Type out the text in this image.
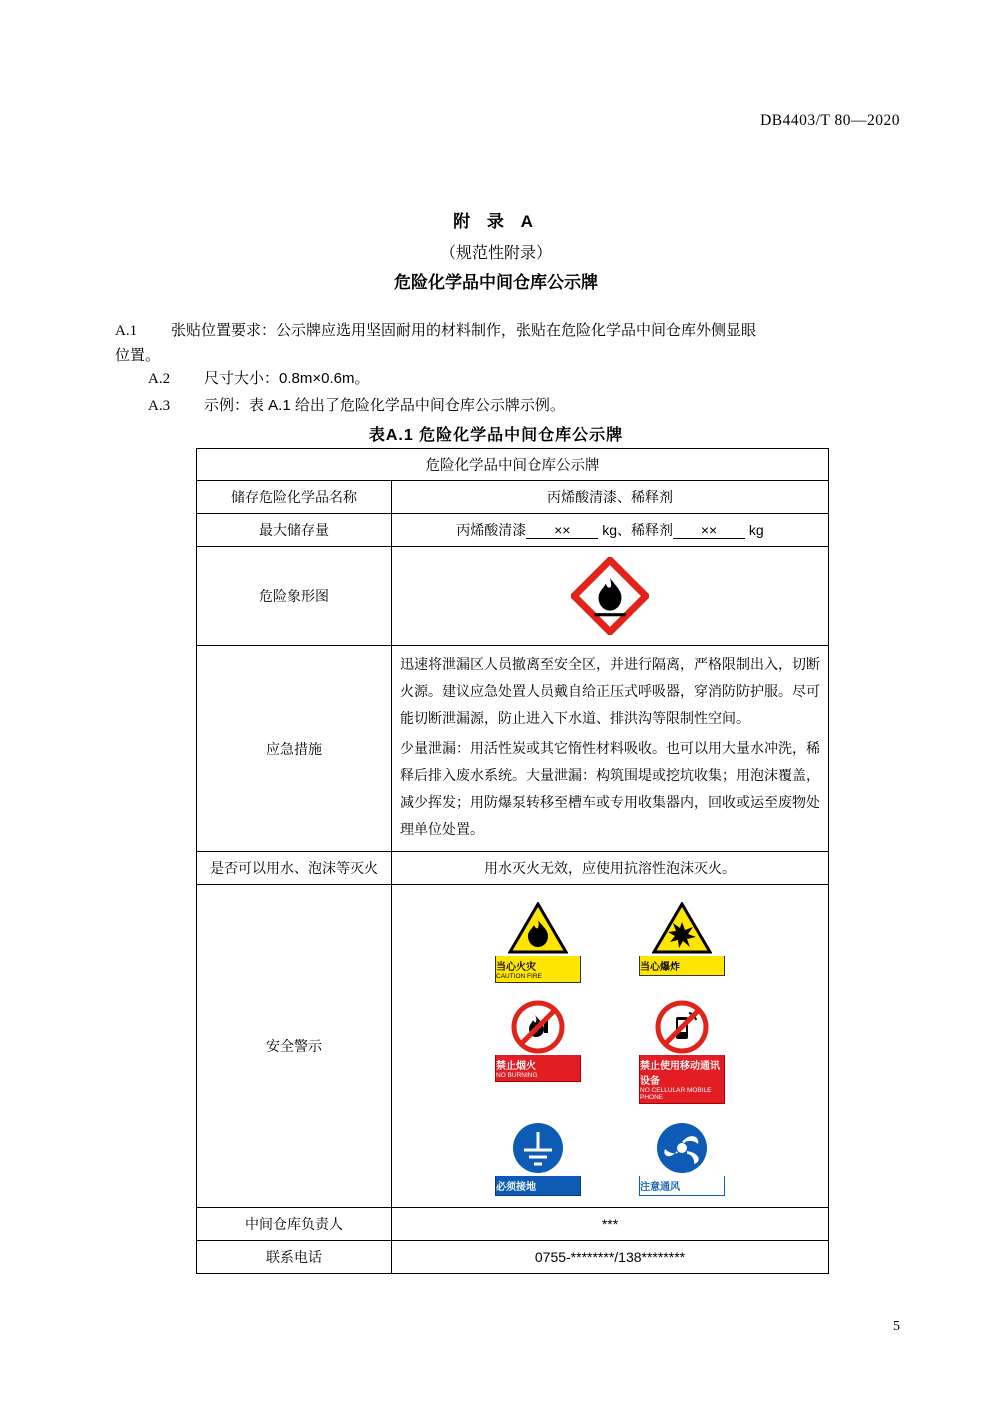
DB4403/T 80—2020
附 录 A
（规范性附录）
危险化学品中间仓库公示牌
A.1 张贴位置要求：公示牌应选用坚固耐用的材料制作，张贴在危险化学品中间仓库外侧显眼
位置。
A.2 尺寸大小：0.8m×0.6m。
A.3 示例：表 A.1 给出了危险化学品中间仓库公示牌示例。
表A.1 危险化学品中间仓库公示牌
危险化学品中间仓库公示牌	
储存危险化学品名称	丙烯酸清漆、稀释剂
最大储存量	丙烯酸清漆 ×× kg、稀释剂 ×× kg
危险象形图	

应急措施	迅速将泄漏区人员撤离至安全区，并进行隔离，严格限制出入，切断火源。建议应急处置人员戴自给正压式呼吸器，穿消防防护服。尽可能切断泄漏源，防止进入下水道、排洪沟等限制性空间。

少量泄漏：用活性炭或其它惰性材料吸收。也可以用大量水冲洗，稀释后排入废水系统。大量泄漏：构筑围堤或挖坑收集；用泡沫覆盖，减少挥发；用防爆泵转移至槽车或专用收集器内，回收或运至废物处理单位处置。

是否可以用水、泡沫等灭火	用水灭火无效，应使用抗溶性泡沫灭火。
安全警示	
当心火灾
CAUTION FIRE
当心爆炸
禁止烟火
NO BURNING
禁止使用移动通讯设备
NO CELLULAR MOBILE PHONE
必须接地	注意通风

中间仓库负责人	***
联系电话	0755-********/138********
5
